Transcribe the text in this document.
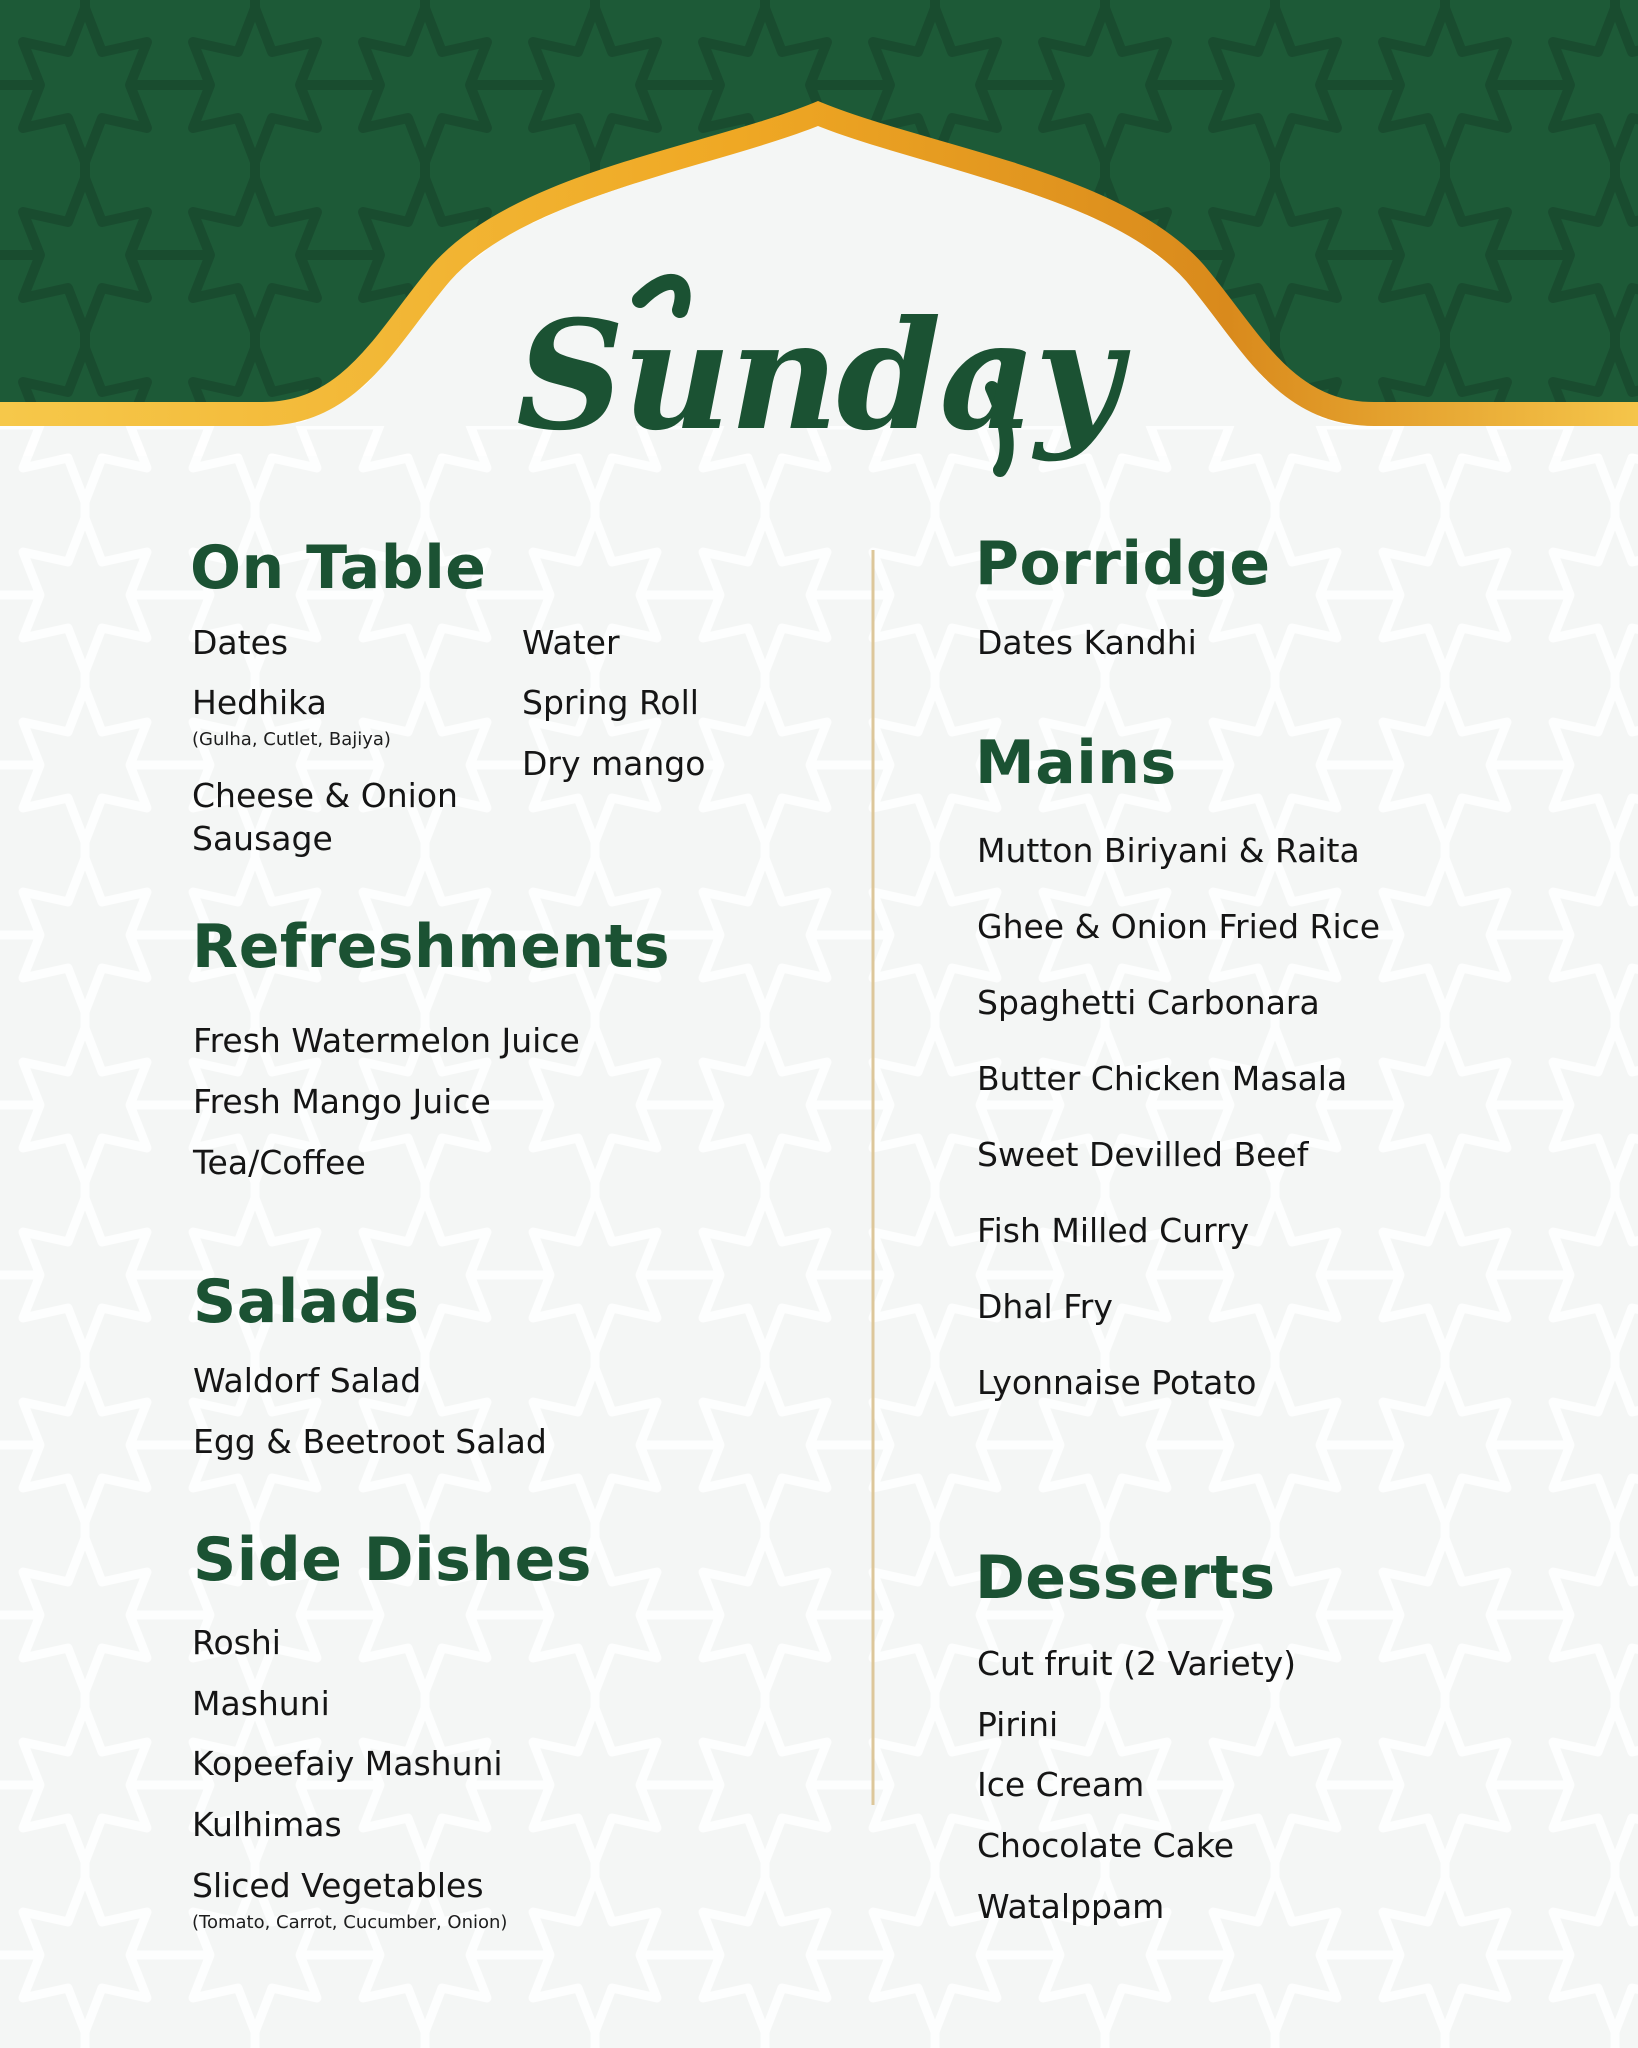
Sunday
On Table
Dates
Hedhika
(Gulha, Cutlet, Bajiya)
Cheese & Onion
Sausage
Water
Spring Roll
Dry mango
Refreshments
Fresh Watermelon Juice
Fresh Mango Juice
Tea/Coffee
Salads
Waldorf Salad
Egg & Beetroot Salad
Side Dishes
Roshi
Mashuni
Kopeefaiy Mashuni
Kulhimas
Sliced Vegetables
(Tomato, Carrot, Cucumber, Onion)
Porridge
Dates Kandhi
Mains
Mutton Biriyani & Raita
Ghee & Onion Fried Rice
Spaghetti Carbonara
Butter Chicken Masala
Sweet Devilled Beef
Fish Milled Curry
Dhal Fry
Lyonnaise Potato
Desserts
Cut fruit (2 Variety)
Pirini
Ice Cream
Chocolate Cake
Watalppam
